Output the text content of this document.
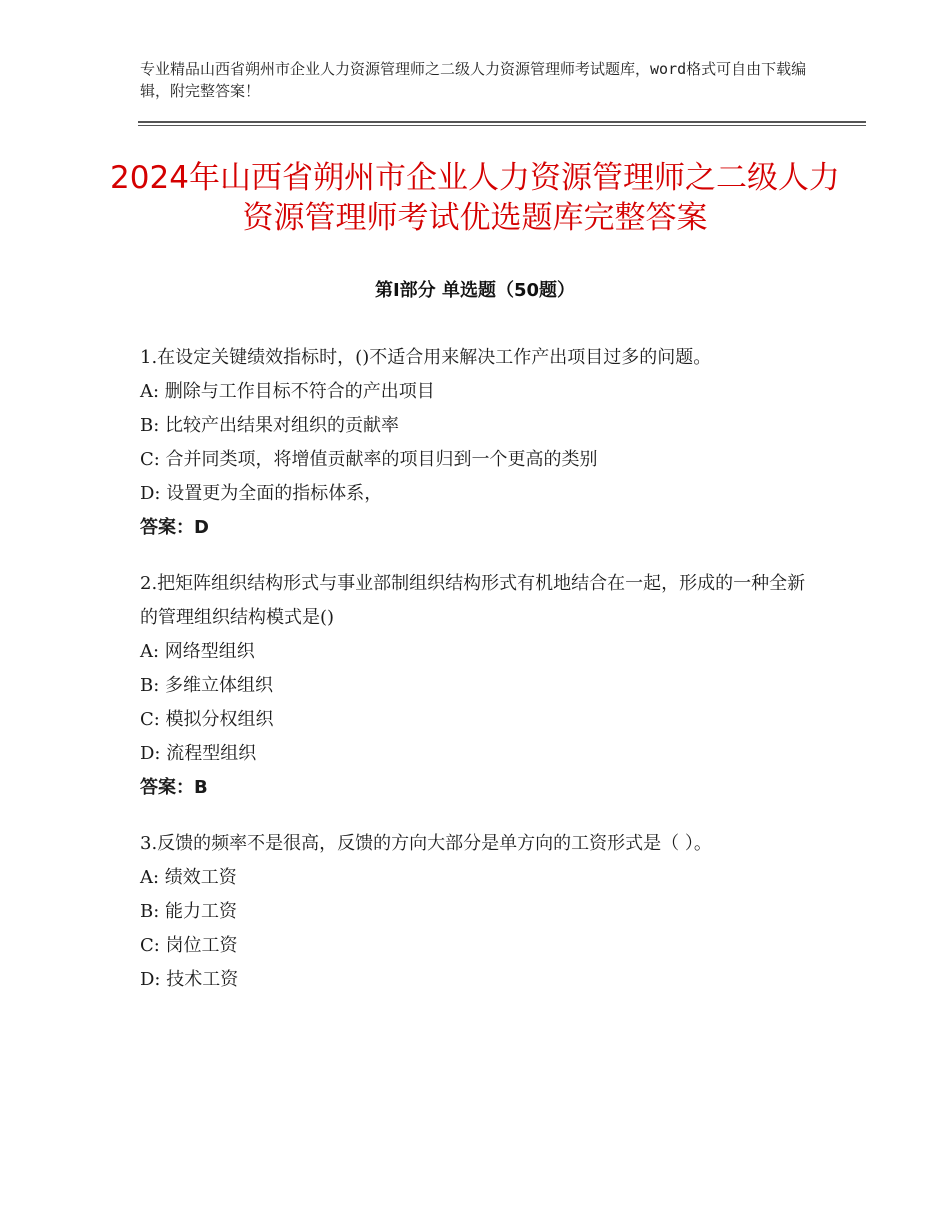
专业精品山西省朔州市企业人力资源管理师之二级人力资源管理师考试题库，word格式可自由下载编辑，附完整答案！
2024年山西省朔州市企业人力资源管理师之二级人力资源管理师考试优选题库完整答案
第Ⅰ部分 单选题（50题）
1.在设定关键绩效指标时，()不适合用来解决工作产出项目过多的问题。
A: 删除与工作目标不符合的产出项目
B: 比较产出结果对组织的贡献率
C: 合并同类项，将增值贡献率的项目归到一个更高的类别
D: 设置更为全面的指标体系，
答案：D
2.把矩阵组织结构形式与事业部制组织结构形式有机地结合在一起，形成的一种全新的管理组织结构模式是()
A: 网络型组织
B: 多维立体组织
C: 模拟分权组织
D: 流程型组织
答案：B
3.反馈的频率不是很高，反馈的方向大部分是单方向的工资形式是（ ）。
A: 绩效工资
B: 能力工资
C: 岗位工资
D: 技术工资
